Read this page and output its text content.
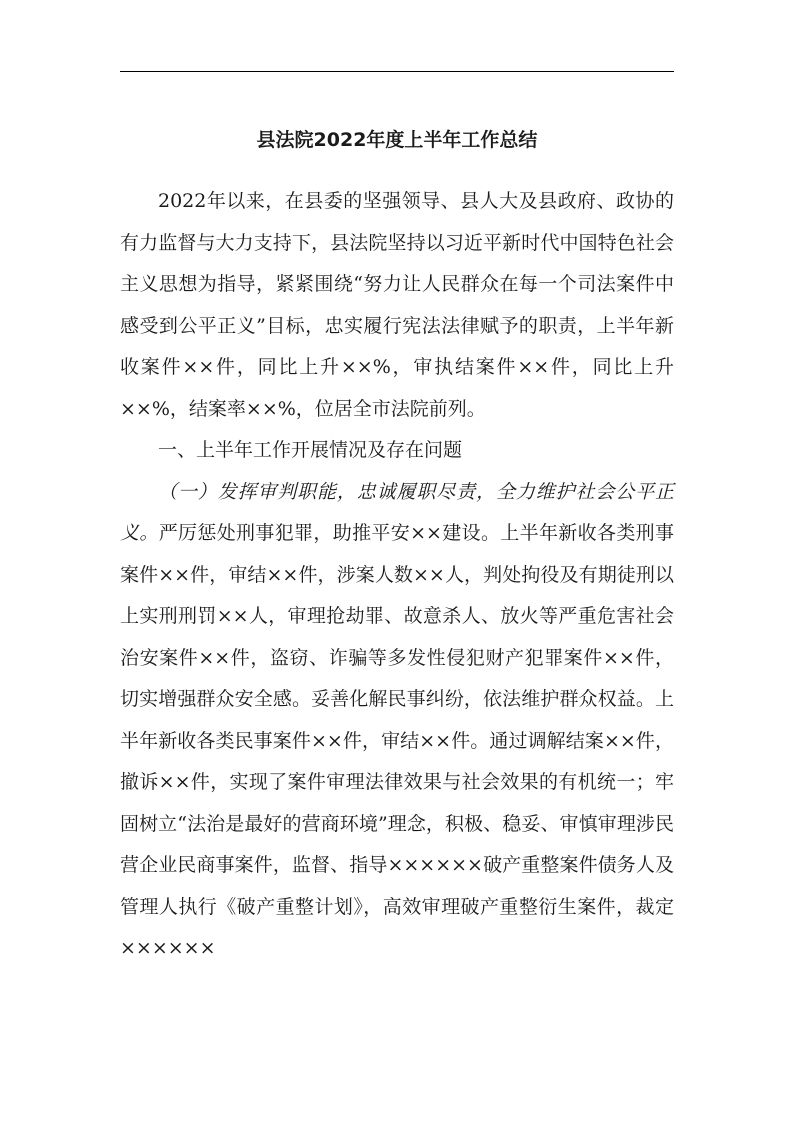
县法院2022年度上半年工作总结

2022年以来，在县委的坚强领导、县人大及县政府、政协的有力监督与大力支持下，县法院坚持以习近平新时代中国特色社会主义思想为指导，紧紧围绕“努力让人民群众在每一个司法案件中感受到公平正义”目标，忠实履行宪法法律赋予的职责，上半年新收案件××件，同比上升××%，审执结案件××件，同比上升××%，结案率××%，位居全市法院前列。

一、上半年工作开展情况及存在问题

（一）发挥审判职能，忠诚履职尽责，全力维护社会公平正义。严厉惩处刑事犯罪，助推平安××建设。上半年新收各类刑事案件××件，审结××件，涉案人数××人，判处拘役及有期徒刑以上实刑刑罚××人，审理抢劫罪、故意杀人、放火等严重危害社会治安案件××件，盗窃、诈骗等多发性侵犯财产犯罪案件××件，切实增强群众安全感。妥善化解民事纠纷，依法维护群众权益。上半年新收各类民事案件××件，审结××件。通过调解结案××件，撤诉××件，实现了案件审理法律效果与社会效果的有机统一；牢固树立“法治是最好的营商环境”理念，积极、稳妥、审慎审理涉民营企业民商事案件，监督、指导××××××破产重整案件债务人及管理人执行《破产重整计划》，高效审理破产重整衍生案件，裁定××××××
